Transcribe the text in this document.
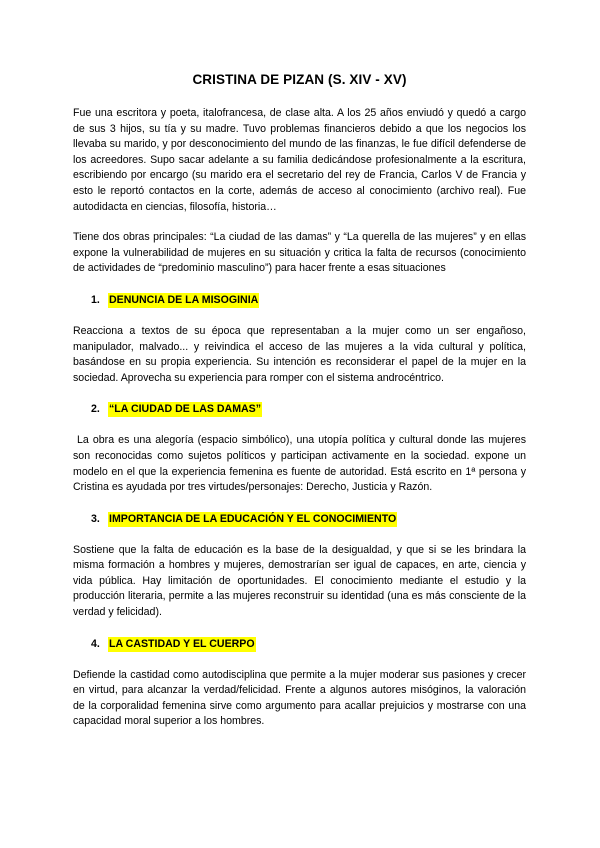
CRISTINA DE PIZAN (S. XIV - XV)

Fue una escritora y poeta, italofrancesa, de clase alta. A los 25 años enviudó y quedó a cargo de sus 3 hijos, su tía y su madre. Tuvo problemas financieros debido a que los negocios los llevaba su marido, y por desconocimiento del mundo de las finanzas, le fue difícil defenderse de los acreedores. Supo sacar adelante a su familia dedicándose profesionalmente a la escritura, escribiendo por encargo (su marido era el secretario del rey de Francia, Carlos V de Francia y esto le reportó contactos en la corte, además de acceso al conocimiento (archivo real). Fue autodidacta en ciencias, filosofía, historia…

Tiene dos obras principales: “La ciudad de las damas” y “La querella de las mujeres” y en ellas expone la vulnerabilidad de mujeres en su situación y critica la falta de recursos (conocimiento de actividades de “predominio masculino”) para hacer frente a esas situaciones

1. DENUNCIA DE LA MISOGINIA

Reacciona a textos de su época que representaban a la mujer como un ser engañoso, manipulador, malvado... y reivindica el acceso de las mujeres a la vida cultural y política, basándose en su propia experiencia. Su intención es reconsiderar el papel de la mujer en la sociedad. Aprovecha su experiencia para romper con el sistema androcéntrico.

2. “LA CIUDAD DE LAS DAMAS”

La obra es una alegoría (espacio simbólico), una utopía política y cultural donde las mujeres son reconocidas como sujetos políticos y participan activamente en la sociedad. expone un modelo en el que la experiencia femenina es fuente de autoridad. Está escrito en 1ª persona y Cristina es ayudada por tres virtudes/personajes: Derecho, Justicia y Razón.

3. IMPORTANCIA DE LA EDUCACIÓN Y EL CONOCIMIENTO

Sostiene que la falta de educación es la base de la desigualdad, y que si se les brindara la misma formación a hombres y mujeres, demostrarían ser igual de capaces, en arte, ciencia y vida pública. Hay limitación de oportunidades. El conocimiento mediante el estudio y la producción literaria, permite a las mujeres reconstruir su identidad (una es más consciente de la verdad y felicidad).

4. LA CASTIDAD Y EL CUERPO

Defiende la castidad como autodisciplina que permite a la mujer moderar sus pasiones y crecer en virtud, para alcanzar la verdad/felicidad. Frente a algunos autores misóginos, la valoración de la corporalidad femenina sirve como argumento para acallar prejuicios y mostrarse con una capacidad moral superior a los hombres.
